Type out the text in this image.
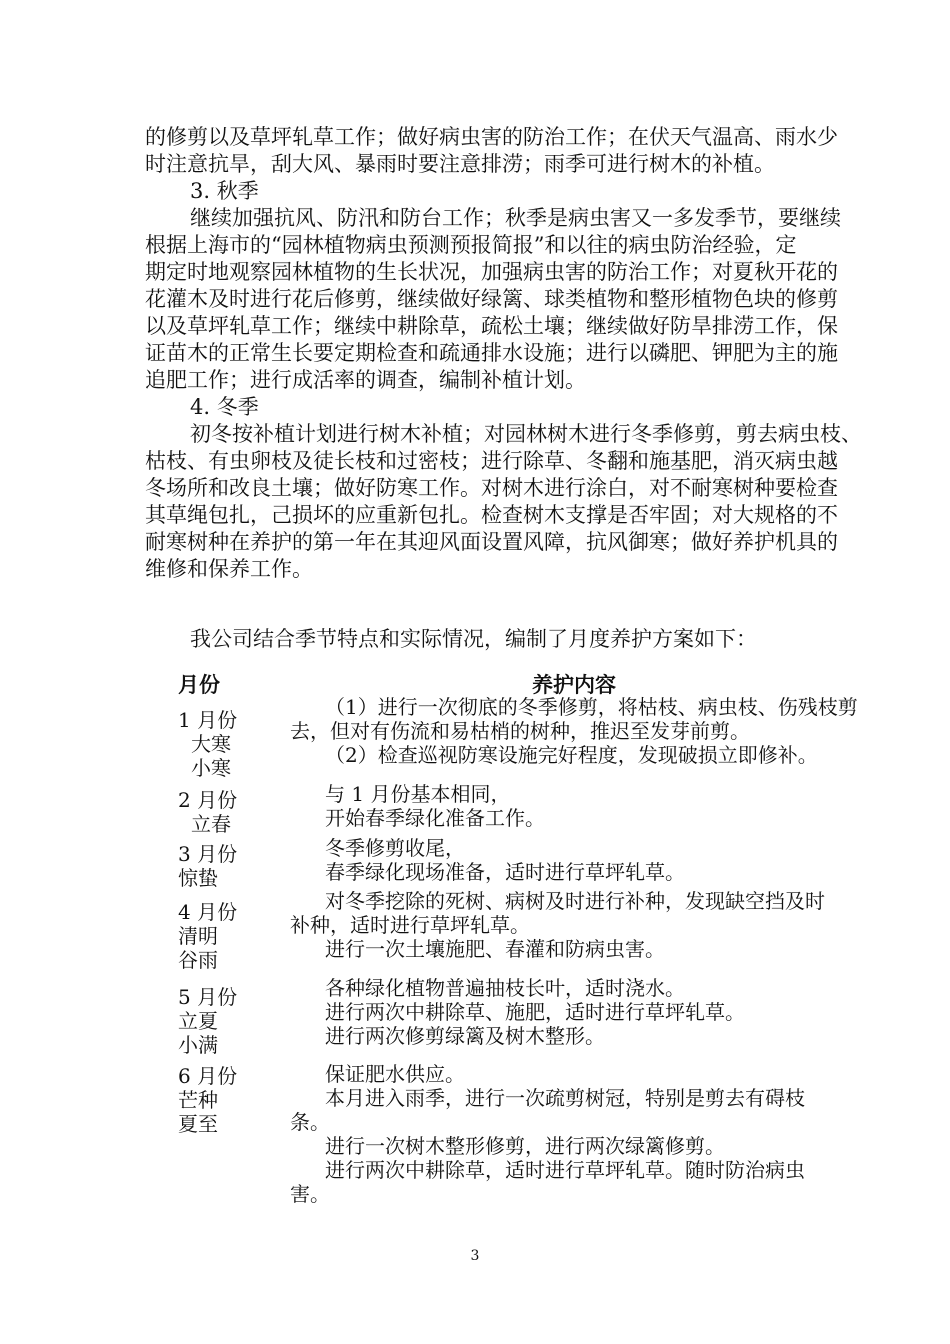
的修剪以及草坪轧草工作；做好病虫害的防治工作；在伏天气温高、雨水少
时注意抗旱，刮大风、暴雨时要注意排涝；雨季可进行树木的补植。
3. 秋季
继续加强抗风、防汛和防台工作；秋季是病虫害又一多发季节，要继续
根据上海市的“园林植物病虫预测预报简报”和以往的病虫防治经验，定
期定时地观察园林植物的生长状况，加强病虫害的防治工作；对夏秋开花的
花灌木及时进行花后修剪，继续做好绿篱、球类植物和整形植物色块的修剪
以及草坪轧草工作；继续中耕除草，疏松土壤；继续做好防旱排涝工作，保
证苗木的正常生长要定期检查和疏通排水设施；进行以磷肥、钾肥为主的施
追肥工作；进行成活率的调查，编制补植计划。
4. 冬季
初冬按补植计划进行树木补植；对园林树木进行冬季修剪，剪去病虫枝、
枯枝、有虫卵枝及徒长枝和过密枝；进行除草、冬翻和施基肥，消灭病虫越
冬场所和改良土壤；做好防寒工作。对树木进行涂白，对不耐寒树种要检查
其草绳包扎，己损坏的应重新包扎。检查树木支撑是否牢固；对大规格的不
耐寒树种在养护的第一年在其迎风面设置风障，抗风御寒；做好养护机具的
维修和保养工作。
我公司结合季节特点和实际情况，编制了月度养护方案如下：
月份	养护内容
1 月份
大寒
小寒
（1）进行一次彻底的冬季修剪，将枯枝、病虫枝、伤残枝剪
去，但对有伤流和易枯梢的树种，推迟至发芽前剪。
（2）检查巡视防寒设施完好程度，发现破损立即修补。
2 月份
立春
与 1 月份基本相同，
开始春季绿化准备工作。
3 月份
惊蛰
冬季修剪收尾，
春季绿化现场准备，适时进行草坪轧草。
4 月份
清明
谷雨
对冬季挖除的死树、病树及时进行补种，发现缺空挡及时
补种，适时进行草坪轧草。
进行一次土壤施肥、春灌和防病虫害。
5 月份
立夏
小满
各种绿化植物普遍抽枝长叶，适时浇水。
进行两次中耕除草、施肥，适时进行草坪轧草。
进行两次修剪绿篱及树木整形。
6 月份
芒种
夏至
保证肥水供应。
本月进入雨季，进行一次疏剪树冠，特别是剪去有碍枝
条。
进行一次树木整形修剪，进行两次绿篱修剪。
进行两次中耕除草，适时进行草坪轧草。随时防治病虫
害。
3
